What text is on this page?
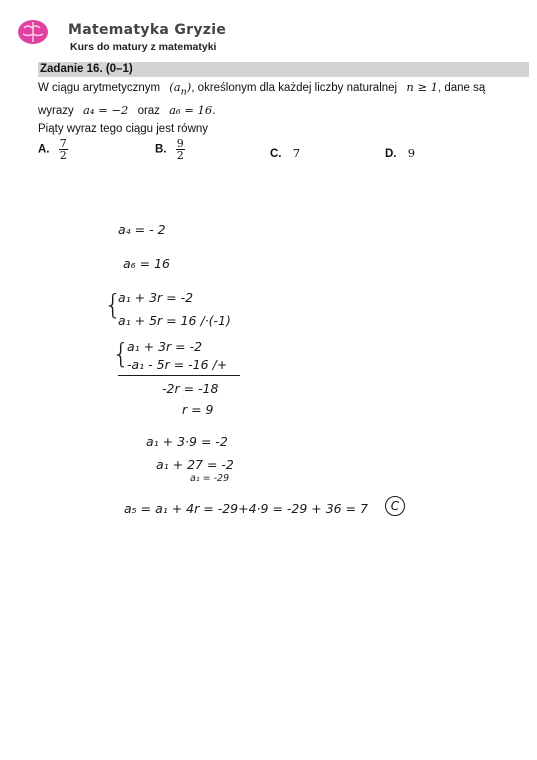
Matematyka Gryzie
Kurs do matury z matematyki
Zadanie 16. (0–1)
W ciągu arytmetycznym $(a_n)$, określonym dla każdej liczby naturalnej n ≥ 1, dane są
wyrazy a₄ = −2 oraz a₆ = 16.
Piąty wyraz tego ciągu jest równy
A. $\frac{7}{2}$	B. $\frac{9}{2}$	C. 7	D. 9
a₄ = - 2
a₆ = 16
{
a₁ + 3r = -2
a₁ + 5r = 16 /·(-1)
{
a₁ + 3r = -2
-a₁ - 5r = -16 /+
-2r = -18
r = 9
a₁ + 3·9 = -2
a₁ + 27 = -2
a₁ = -29
a₅ = a₁ + 4r = -29+4·9 = -29 + 36 = 7	C
